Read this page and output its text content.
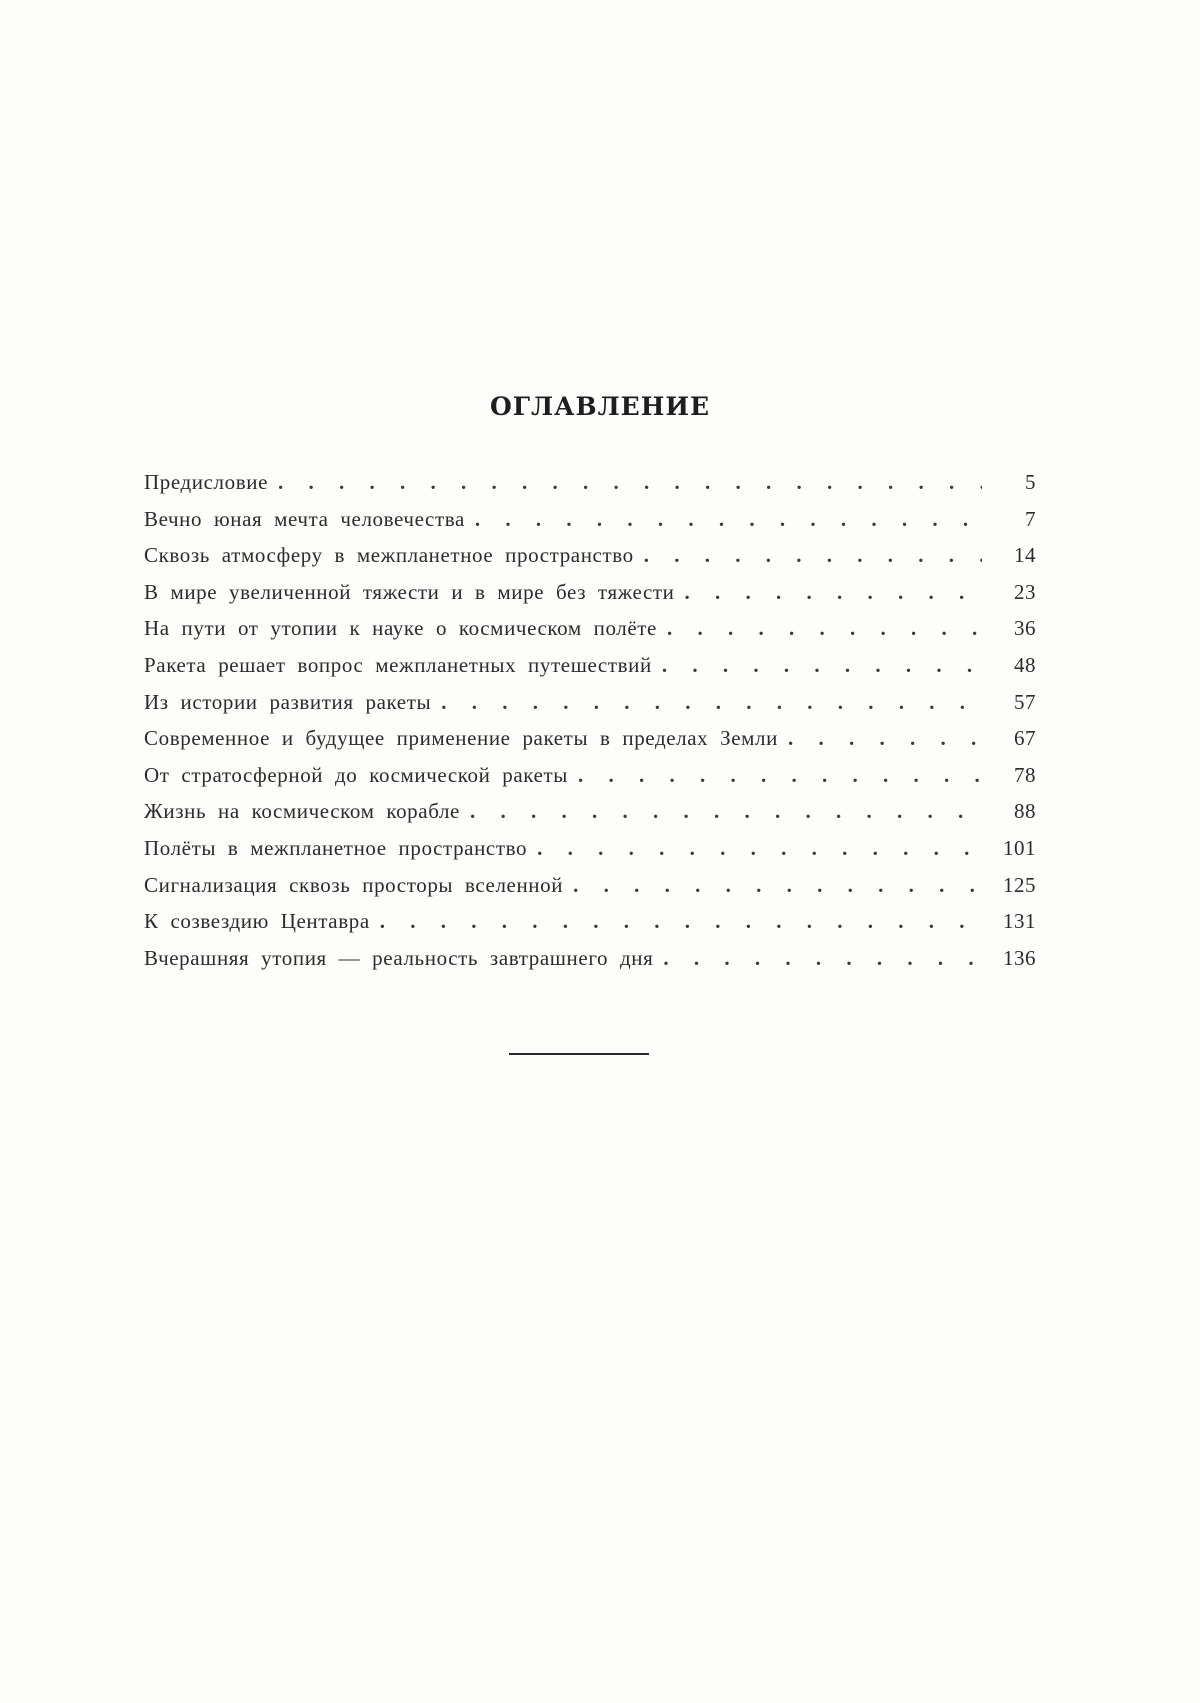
ОГЛАВЛЕНИЕ
Предисловие . . .	5
Вечно юная мечта человечества . . .	7
Сквозь атмосферу в межпланетное пространство . . .	14
В мире увеличенной тяжести и в мире без тяжести . . .	23
На пути от утопии к науке о космическом полёте . . .	36
Ракета решает вопрос межпланетных путешествий . . .	48
Из истории развития ракеты . . .	57
Современное и будущее применение ракеты в пределах Земли . . .	67
От стратосферной до космической ракеты . . .	78
Жизнь на космическом корабле . . .	88
Полёты в межпланетное пространство . . .	101
Сигнализация сквозь просторы вселенной . . .	125
К созвездию Центавра . . .	131
Вчерашняя утопия — реальность завтрашнего дня . . .	136
